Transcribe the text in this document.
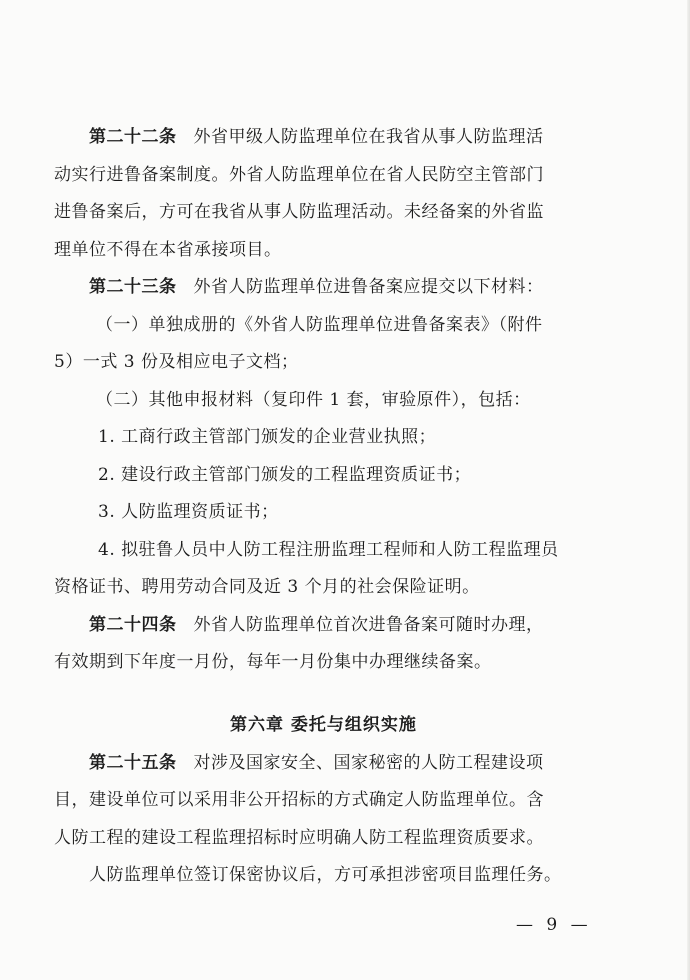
第二十二条 外省甲级人防监理单位在我省从事人防监理活
动实行进鲁备案制度。外省人防监理单位在省人民防空主管部门
进鲁备案后，方可在我省从事人防监理活动。未经备案的外省监
理单位不得在本省承接项目。
第二十三条 外省人防监理单位进鲁备案应提交以下材料：
（一）单独成册的《外省人防监理单位进鲁备案表》（附件
5）一式 3 份及相应电子文档；
（二）其他申报材料（复印件 1 套，审验原件），包括：
1. 工商行政主管部门颁发的企业营业执照；
2. 建设行政主管部门颁发的工程监理资质证书；
3. 人防监理资质证书；
4. 拟驻鲁人员中人防工程注册监理工程师和人防工程监理员
资格证书、聘用劳动合同及近 3 个月的社会保险证明。
第二十四条 外省人防监理单位首次进鲁备案可随时办理，
有效期到下年度一月份，每年一月份集中办理继续备案。
第六章 委托与组织实施
第二十五条 对涉及国家安全、国家秘密的人防工程建设项
目，建设单位可以采用非公开招标的方式确定人防监理单位。含
人防工程的建设工程监理招标时应明确人防工程监理资质要求。
人防监理单位签订保密协议后，方可承担涉密项目监理任务。
— 9 —
